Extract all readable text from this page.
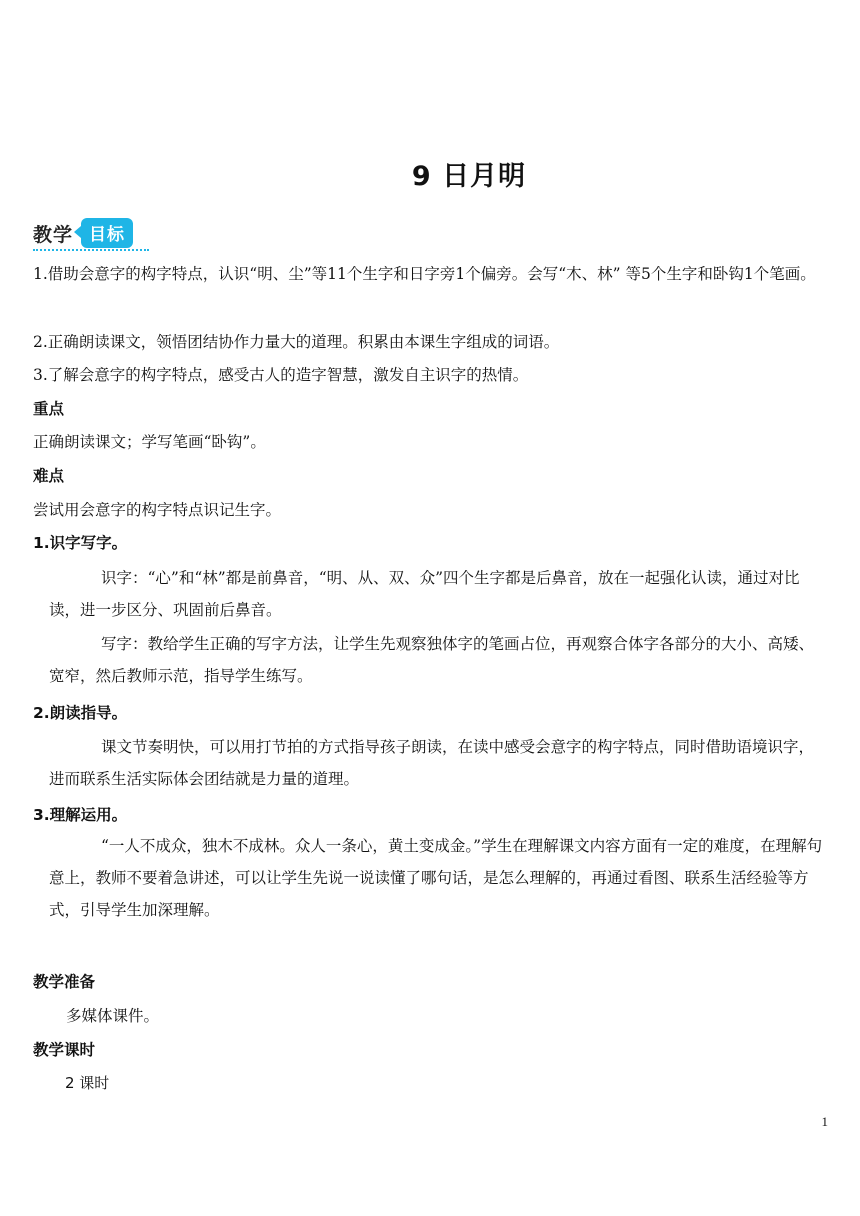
9 日月明
教学 目标
1.借助会意字的构字特点，认识“明、尘”等11个生字和日字旁1个偏旁。会写“木、林” 等5个生字和卧钩1个笔画。
2.正确朗读课文，领悟团结协作力量大的道理。积累由本课生字组成的词语。
3.了解会意字的构字特点，感受古人的造字智慧，激发自主识字的热情。
重点
正确朗读课文；学写笔画“卧钩”。
难点
尝试用会意字的构字特点识记生字。
1.识字写字。
识字：“心”和“林”都是前鼻音，“明、从、双、众”四个生字都是后鼻音，放在一起强化认读，通过对比读，进一步区分、巩固前后鼻音。
写字：教给学生正确的写字方法，让学生先观察独体字的笔画占位，再观察合体字各部分的大小、高矮、宽窄，然后教师示范，指导学生练写。
2.朗读指导。
课文节奏明快，可以用打节拍的方式指导孩子朗读，在读中感受会意字的构字特点，同时借助语境识字，进而联系生活实际体会团结就是力量的道理。
3.理解运用。
“一人不成众，独木不成林。众人一条心，黄土变成金。”学生在理解课文内容方面有一定的难度，在理解句意上，教师不要着急讲述，可以让学生先说一说读懂了哪句话，是怎么理解的，再通过看图、联系生活经验等方式，引导学生加深理解。
教学准备
多媒体课件。
教学课时
2 课时
1
